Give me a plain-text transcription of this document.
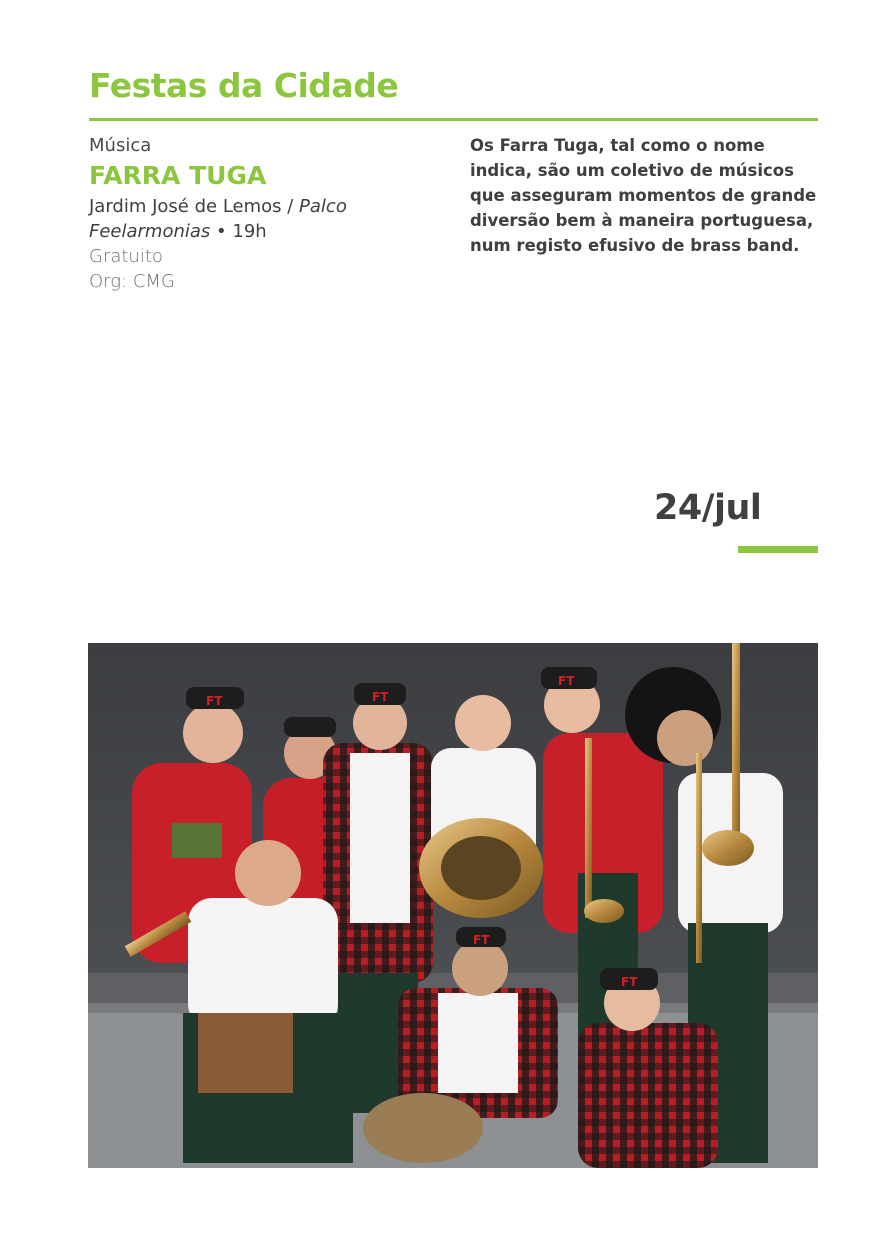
Festas da Cidade
Música
FARRA TUGA
Jardim José de Lemos / Palco Feelarmonias • 19h
Gratuito
Org: CMG

Os Farra Tuga, tal como o nome indica, são um coletivo de músicos que asseguram momentos de grande diversão bem à maneira portuguesa, num registo efusivo de brass band.

24/jul
FT	FT
FT
FT
FT
